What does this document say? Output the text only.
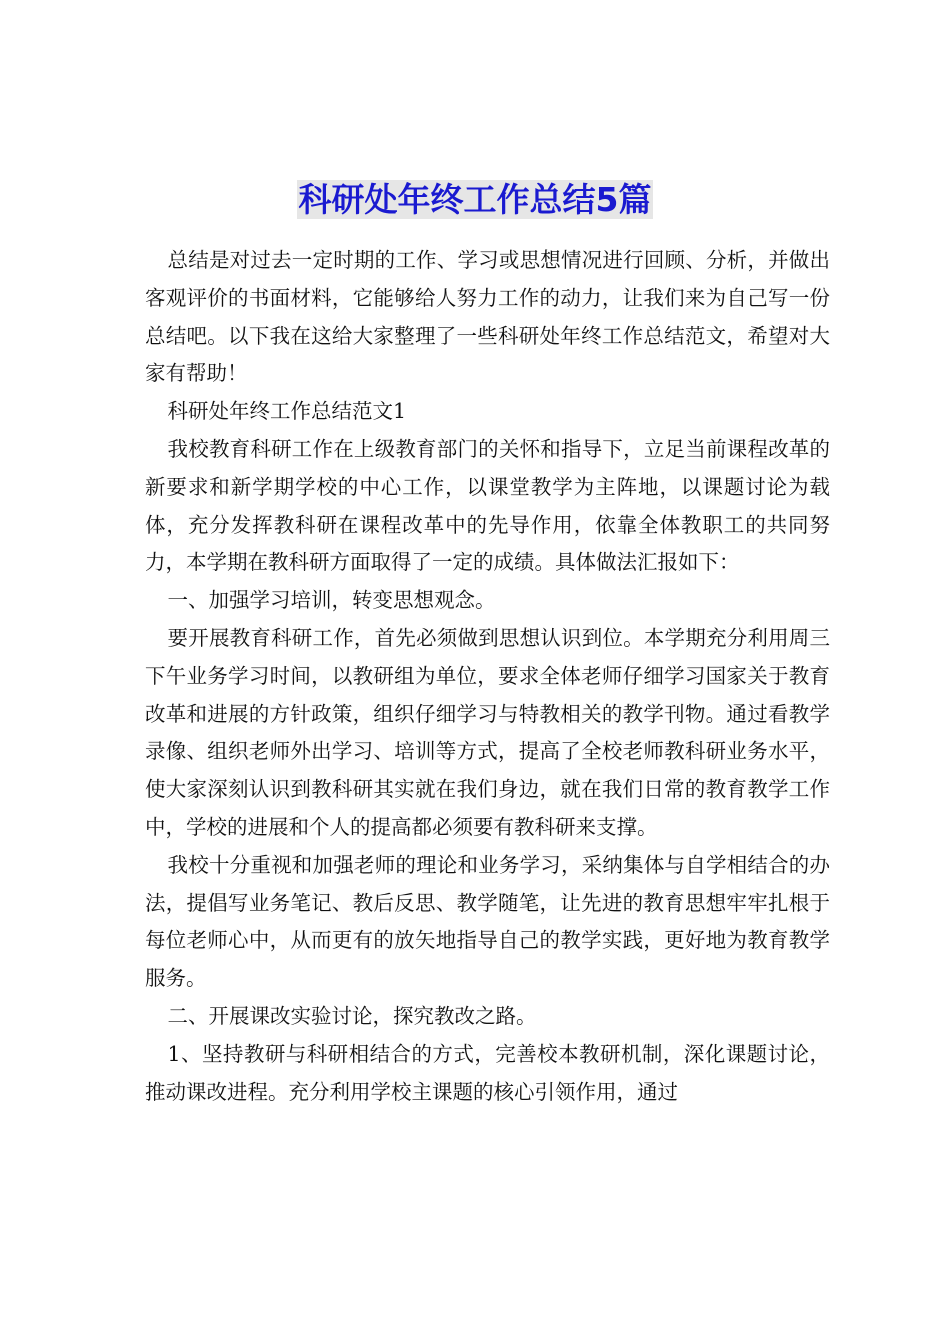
科研处年终工作总结5篇

总结是对过去一定时期的工作、学习或思想情况进行回顾、分析，并做出客观评价的书面材料，它能够给人努力工作的动力，让我们来为自己写一份总结吧。以下我在这给大家整理了一些科研处年终工作总结范文，希望对大家有帮助！

科研处年终工作总结范文1

我校教育科研工作在上级教育部门的关怀和指导下，立足当前课程改革的新要求和新学期学校的中心工作，以课堂教学为主阵地，以课题讨论为载体，充分发挥教科研在课程改革中的先导作用，依靠全体教职工的共同努力，本学期在教科研方面取得了一定的成绩。具体做法汇报如下：

一、加强学习培训，转变思想观念。

要开展教育科研工作，首先必须做到思想认识到位。本学期充分利用周三下午业务学习时间，以教研组为单位，要求全体老师仔细学习国家关于教育改革和进展的方针政策，组织仔细学习与特教相关的教学刊物。通过看教学录像、组织老师外出学习、培训等方式，提高了全校老师教科研业务水平，使大家深刻认识到教科研其实就在我们身边，就在我们日常的教育教学工作中，学校的进展和个人的提高都必须要有教科研来支撑。

我校十分重视和加强老师的理论和业务学习，采纳集体与自学相结合的办法，提倡写业务笔记、教后反思、教学随笔，让先进的教育思想牢牢扎根于每位老师心中，从而更有的放矢地指导自己的教学实践，更好地为教育教学服务。

二、开展课改实验讨论，探究教改之路。

1、坚持教研与科研相结合的方式，完善校本教研机制，深化课题讨论，推动课改进程。充分利用学校主课题的核心引领作用，通过
